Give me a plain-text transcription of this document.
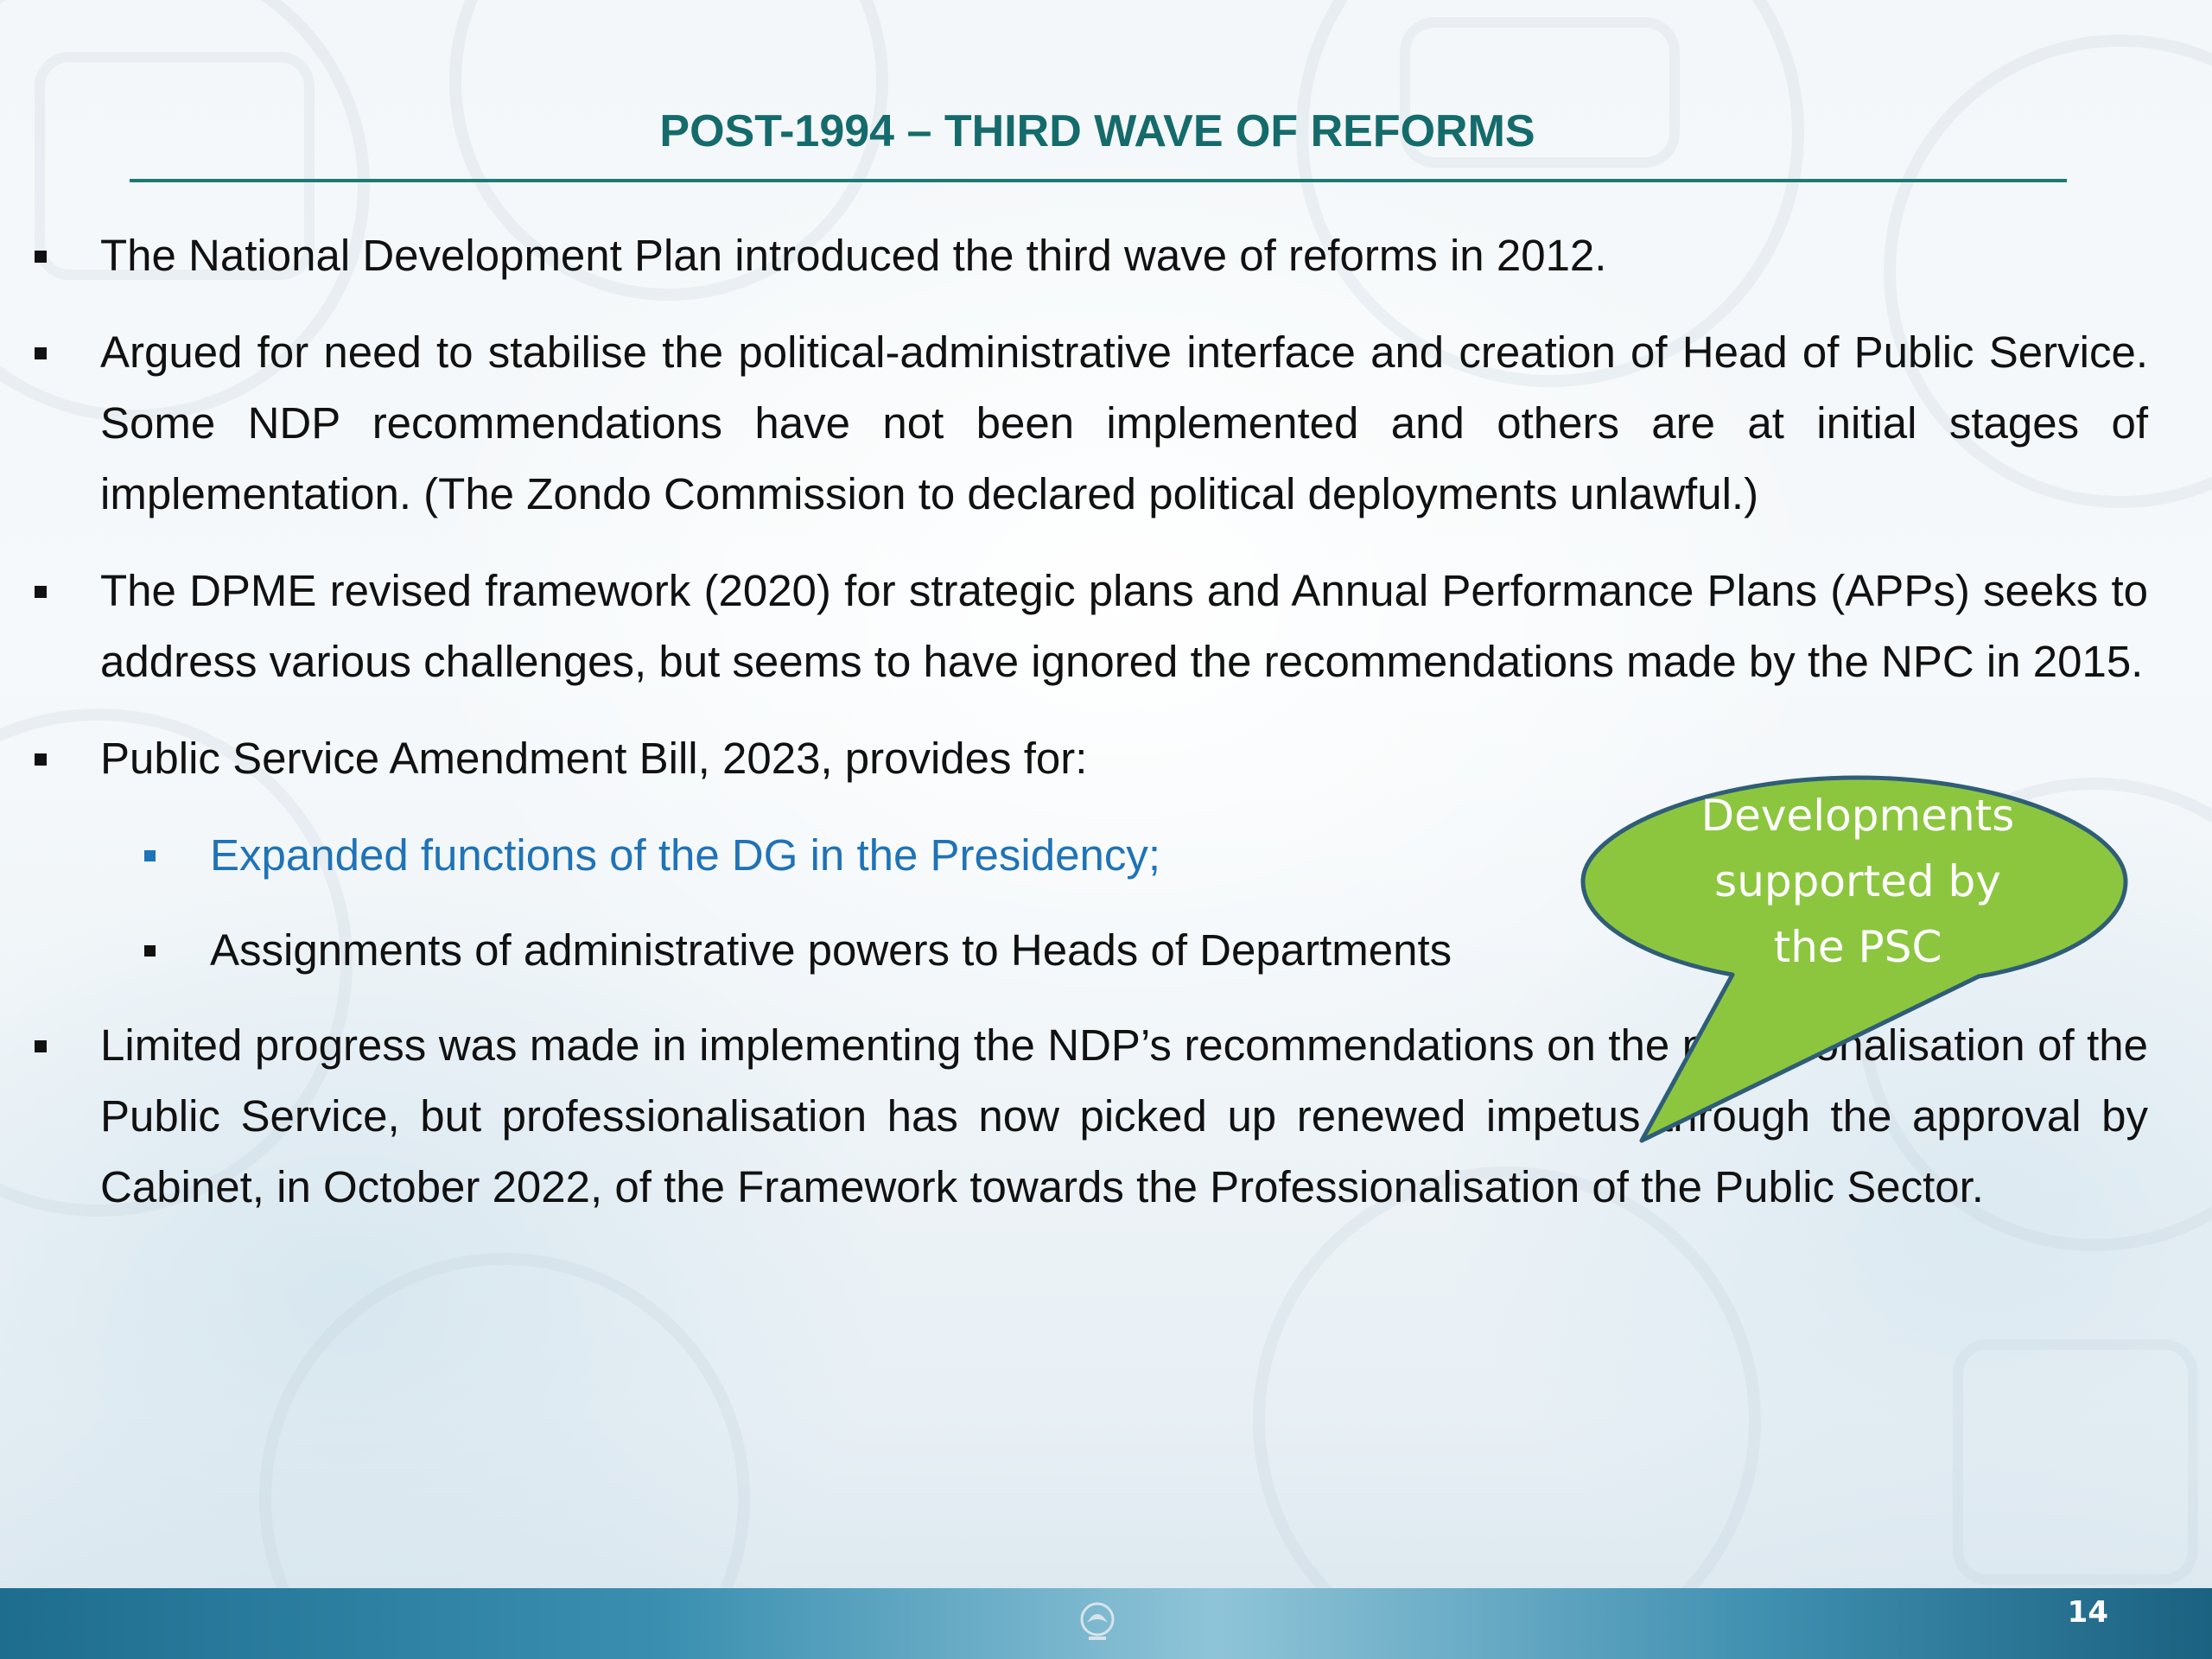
POST-1994 – THIRD WAVE OF REFORMS
The National Development Plan introduced the third wave of reforms in 2012.
Argued for need to stabilise the political-administrative interface and creation of Head of Public Service. Some NDP recommendations have not been implemented and others are at initial stages of implementation. (The Zondo Commission to declared political deployments unlawful.)
The DPME revised framework (2020) for strategic plans and Annual Performance Plans (APPs) seeks to address various challenges, but seems to have ignored the recommendations made by the NPC in 2015.
Public Service Amendment Bill, 2023, provides for:
Expanded functions of the DG in the Presidency;
Assignments of administrative powers to Heads of Departments
Limited progress was made in implementing the NDP’s recommendations on the profesionalisation of the Public Service, but professionalisation has now picked up renewed impetus through the approval by Cabinet, in October 2022, of the Framework towards the Professionalisation of the Public Sector.
Developments
supported by
the PSC
14
